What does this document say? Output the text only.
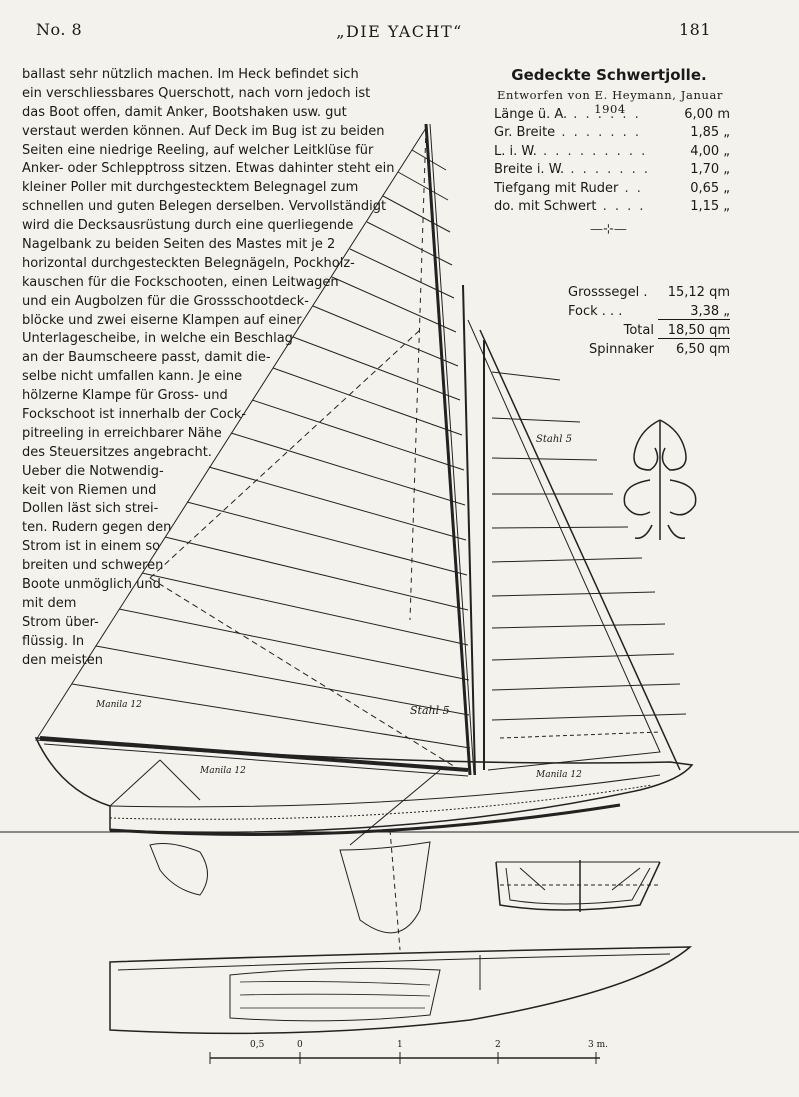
No. 8	„DIE YACHT“	181
ballast sehr nützlich machen. Im Heck befindet sich
ein verschliessbares Querschott, nach vorn jedoch ist
das Boot offen, damit Anker, Bootshaken usw. gut
verstaut werden können. Auf Deck im Bug ist zu beiden
Seiten eine niedrige Reeling, auf welcher Leitklüse für
Anker- oder Schlepptross sitzen. Etwas dahinter steht ein
kleiner Poller mit durchgestecktem Belegnagel zum
schnellen und guten Belegen derselben. Vervollständigt
wird die Decksausrüstung durch eine querliegende
Nagelbank zu beiden Seiten des Mastes mit je 2
horizontal durchgesteckten Belegnägeln, Pockholz-
kauschen für die Fockschooten, einen Leitwagen
und ein Augbolzen für die Grossschootdeck-
blöcke und zwei eiserne Klampen auf einer
Unterlagescheibe, in welche ein Beschlag
an der Baumscheere passt, damit die-
selbe nicht umfallen kann. Je eine
hölzerne Klampe für Gross- und
Fockschoot ist innerhalb der Cock-
pitreeling in erreichbarer Nähe
des Steuersitzes angebracht.
Ueber die Notwendig-
keit von Riemen und
Dollen läst sich strei-
ten. Rudern gegen den
Strom ist in einem so
breiten und schweren
Boote unmöglich und
mit dem
Strom über-
flüssig. In
den meisten
Gedeckte Schwertjolle.
Entworfen von E. Heymann, Januar 1904
Länge ü. A. . . .	6,00 m
Gr. Breite . . .	1,85 „
L. i. W. . . .	4,00 „
Breite i. W. . . .	1,70 „
Tiefgang mit Ruder . . .	0,65 „
do. mit Schwert . . .	1,15 „
—⊹—
Grosssegel .	15,12 qm
Fock . . .	3,38 „
Total	18,50 qm
Spinnaker	6,50 qm
Stahl 5
Stahl 5
Manila 12
Manila 12	Manila 12
0,5	0	1	2	3 m.
